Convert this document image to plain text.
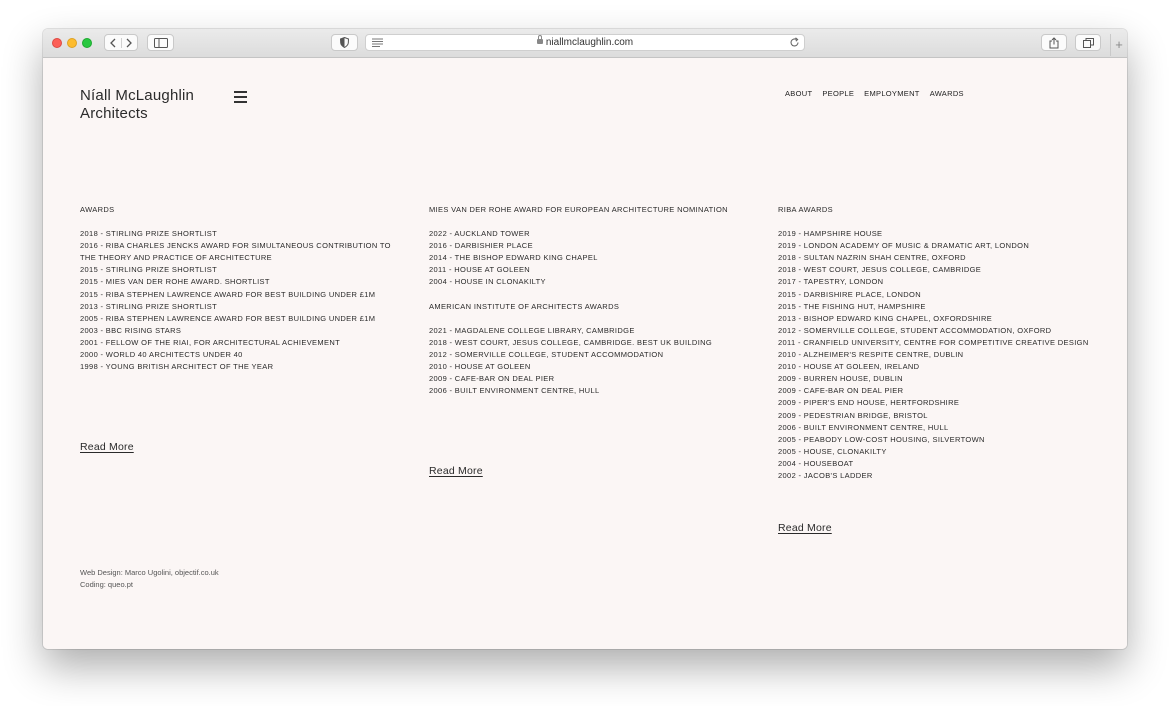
niallmclaughlin.com	+
Níall McLaughlin
Architects
ABOUT PEOPLE EMPLOYMENT AWARDS
AWARDS
2018 - STIRLING PRIZE SHORTLIST
2016 - RIBA CHARLES JENCKS AWARD FOR SIMULTANEOUS CONTRIBUTION TO
THE THEORY AND PRACTICE OF ARCHITECTURE
2015 - STIRLING PRIZE SHORTLIST
2015 - MIES VAN DER ROHE AWARD. SHORTLIST
2015 - RIBA STEPHEN LAWRENCE AWARD FOR BEST BUILDING UNDER £1M
2013 - STIRLING PRIZE SHORTLIST
2005 - RIBA STEPHEN LAWRENCE AWARD FOR BEST BUILDING UNDER £1M
2003 - BBC RISING STARS
2001 - FELLOW OF THE RIAI, FOR ARCHITECTURAL ACHIEVEMENT
2000 - WORLD 40 ARCHITECTS UNDER 40
1998 - YOUNG BRITISH ARCHITECT OF THE YEAR
MIES VAN DER ROHE AWARD FOR EUROPEAN ARCHITECTURE NOMINATION
2022 - AUCKLAND TOWER
2016 - DARBISHIER PLACE
2014 - THE BISHOP EDWARD KING CHAPEL
2011 - HOUSE AT GOLEEN
2004 - HOUSE IN CLONAKILTY
AMERICAN INSTITUTE OF ARCHITECTS AWARDS
2021 - MAGDALENE COLLEGE LIBRARY, CAMBRIDGE
2018 - WEST COURT, JESUS COLLEGE, CAMBRIDGE. BEST UK BUILDING
2012 - SOMERVILLE COLLEGE, STUDENT ACCOMMODATION
2010 - HOUSE AT GOLEEN
2009 - CAFE-BAR ON DEAL PIER
2006 - BUILT ENVIRONMENT CENTRE, HULL
RIBA AWARDS
2019 - HAMPSHIRE HOUSE
2019 - LONDON ACADEMY OF MUSIC & DRAMATIC ART, LONDON
2018 - SULTAN NAZRIN SHAH CENTRE, OXFORD
2018 - WEST COURT, JESUS COLLEGE, CAMBRIDGE
2017 - TAPESTRY, LONDON
2015 - DARBISHIRE PLACE, LONDON
2015 - THE FISHING HUT, HAMPSHIRE
2013 - BISHOP EDWARD KING CHAPEL, OXFORDSHIRE
2012 - SOMERVILLE COLLEGE, STUDENT ACCOMMODATION, OXFORD
2011 - CRANFIELD UNIVERSITY, CENTRE FOR COMPETITIVE CREATIVE DESIGN
2010 - ALZHEIMER'S RESPITE CENTRE, DUBLIN
2010 - HOUSE AT GOLEEN, IRELAND
2009 - BURREN HOUSE, DUBLIN
2009 - CAFE-BAR ON DEAL PIER
2009 - PIPER'S END HOUSE, HERTFORDSHIRE
2009 - PEDESTRIAN BRIDGE, BRISTOL
2006 - BUILT ENVIRONMENT CENTRE, HULL
2005 - PEABODY LOW-COST HOUSING, SILVERTOWN
2005 - HOUSE, CLONAKILTY
2004 - HOUSEBOAT
2002 - JACOB'S LADDER
Read More
Read More
Read More
Web Design: Marco Ugolini, objectif.co.uk
Coding: queo.pt
